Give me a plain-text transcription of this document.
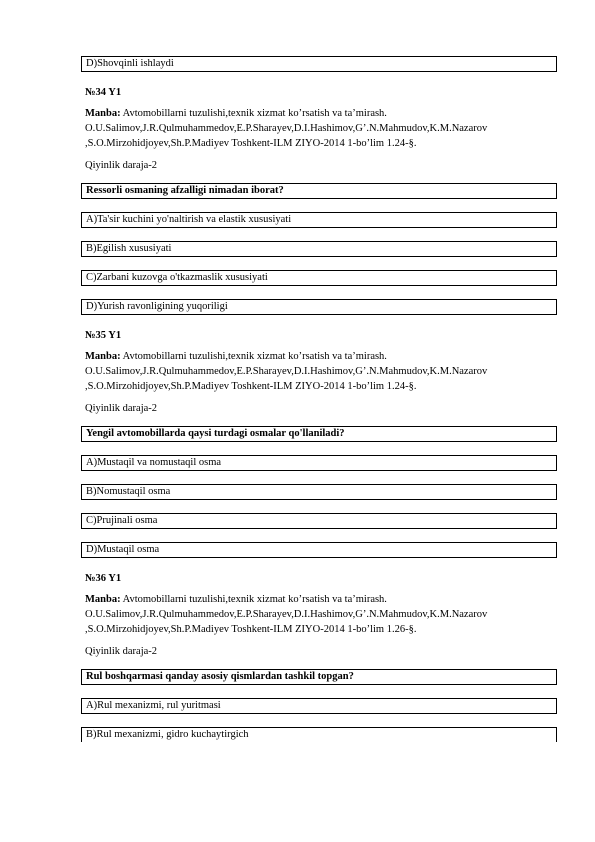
D)Shovqinli ishlaydi
№34 Y1
Manba: Avtomobillarni tuzulishi,texnik xizmat ko’rsatish va ta’mirash.
O.U.Salimov,J.R.Qulmuhammedov,E.P.Sharayev,D.I.Hashimov,G’.N.Mahmudov,K.M.Nazarov
,S.O.Mirzohidjoyev,Sh.P.Madiyev Toshkent-ILM ZIYO-2014 1-bo’lim 1.24-§.
Qiyinlik daraja-2
Ressorli osmaning afzalligi nimadan iborat?
A)Ta'sir kuchini yo'naltirish va elastik xususiyati
B)Egilish xususiyati
C)Zarbani kuzovga o'tkazmaslik xususiyati
D)Yurish ravonligining yuqoriligi
№35 Y1
Manba: Avtomobillarni tuzulishi,texnik xizmat ko’rsatish va ta’mirash.
O.U.Salimov,J.R.Qulmuhammedov,E.P.Sharayev,D.I.Hashimov,G’.N.Mahmudov,K.M.Nazarov
,S.O.Mirzohidjoyev,Sh.P.Madiyev Toshkent-ILM ZIYO-2014 1-bo’lim 1.24-§.
Qiyinlik daraja-2
Yengil avtomobillarda qaysi turdagi osmalar qo'llaniladi?
A)Mustaqil va nomustaqil osma
B)Nomustaqil osma
C)Prujinali osma
D)Mustaqil osma
№36 Y1
Manba: Avtomobillarni tuzulishi,texnik xizmat ko’rsatish va ta’mirash.
O.U.Salimov,J.R.Qulmuhammedov,E.P.Sharayev,D.I.Hashimov,G’.N.Mahmudov,K.M.Nazarov
,S.O.Mirzohidjoyev,Sh.P.Madiyev Toshkent-ILM ZIYO-2014 1-bo’lim 1.26-§.
Qiyinlik daraja-2
Rul boshqarmasi qanday asosiy qismlardan tashkil topgan?
A)Rul mexanizmi, rul yuritmasi
B)Rul mexanizmi, gidro kuchaytirgich
